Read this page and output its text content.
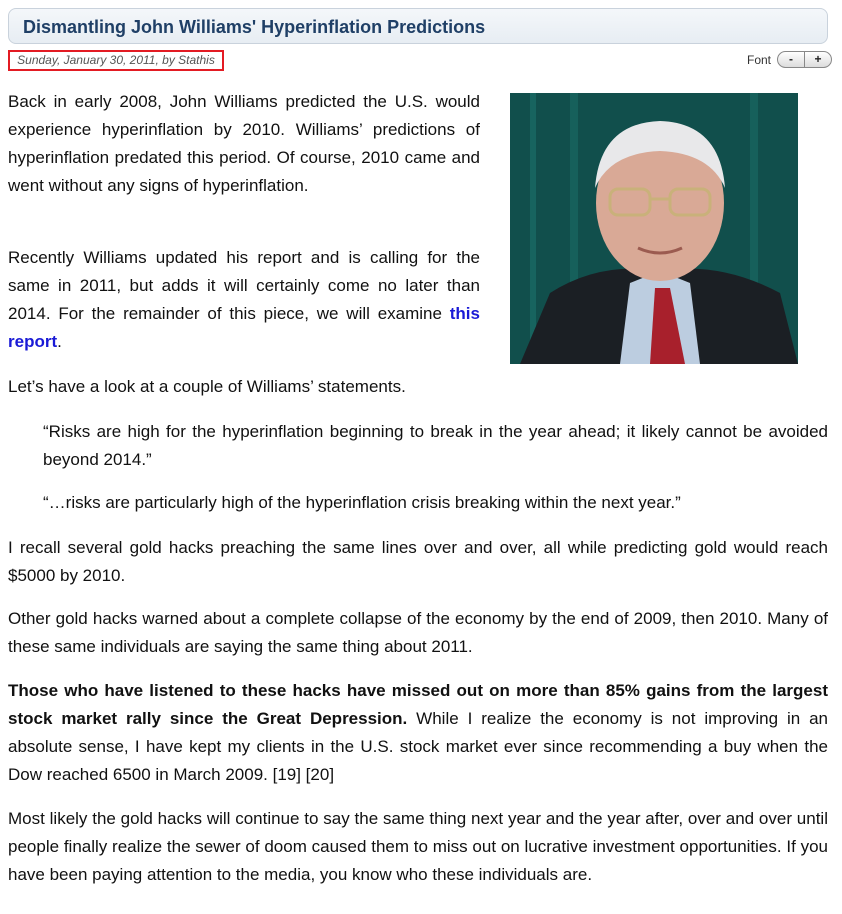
Dismantling John Williams' Hyperinflation Predictions
Sunday, January 30, 2011, by Stathis	Font	-	+

Back in early 2008, John Williams predicted the U.S. would experience hyperinflation by 2010. Williams’ predictions of hyperinflation predated this period. Of course, 2010 came and went without any signs of hyperinflation.

Recently Williams updated his report and is calling for the same in 2011, but adds it will certainly come no later than 2014. For the remainder of this piece, we will examine this report.

Let’s have a look at a couple of Williams’ statements.

“Risks are high for the hyperinflation beginning to break in the year ahead; it likely cannot be avoided beyond 2014.”

“…risks are particularly high of the hyperinflation crisis breaking within the next year.”

I recall several gold hacks preaching the same lines over and over, all while predicting gold would reach $5000 by 2010.

Other gold hacks warned about a complete collapse of the economy by the end of 2009, then 2010. Many of these same individuals are saying the same thing about 2011.

Those who have listened to these hacks have missed out on more than 85% gains from the largest stock market rally since the Great Depression. While I realize the economy is not improving in an absolute sense, I have kept my clients in the U.S. stock market ever since recommending a buy when the Dow reached 6500 in March 2009. [19] [20]

Most likely the gold hacks will continue to say the same thing next year and the year after, over and over until people finally realize the sewer of doom caused them to miss out on lucrative investment opportunities. If you have been paying attention to the media, you know who these individuals are.
